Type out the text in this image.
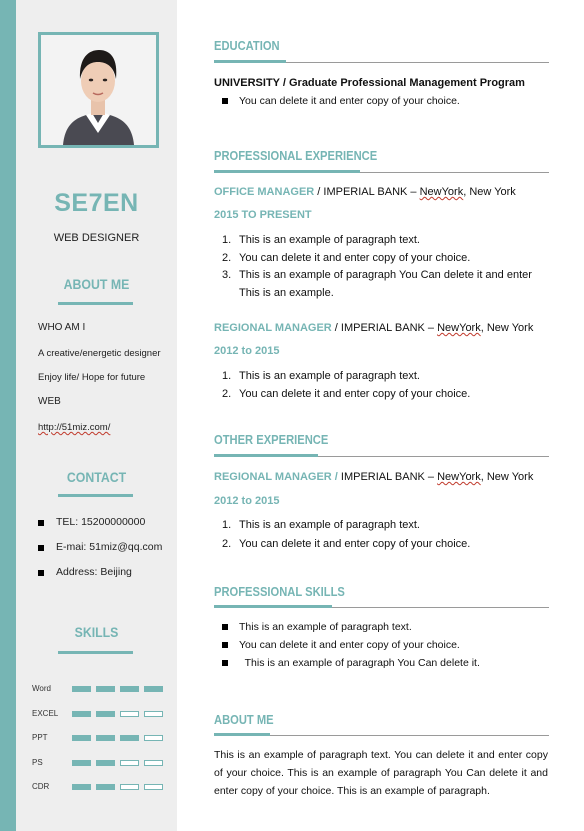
SE7EN
WEB DESIGNER
ABOUT ME
WHO AM I
A creative/energetic designer
Enjoy life/ Hope for future
WEB
http://51miz.com/
CONTACT
TEL: 15200000000
E-mai: 51miz@qq.com
Address: Beijing
SKILLS
Word
EXCEL
PPT
PS
CDR
EDUCATION
UNIVERSITY / Graduate Professional Management Program
You can delete it and enter copy of your choice.
PROFESSIONAL EXPERIENCE
OFFICE MANAGER / IMPERIAL BANK – NewYork, New York
2015 TO PRESENT
1. This is an example of paragraph text.
2. You can delete it and enter copy of your choice.
3. This is an example of paragraph You Can delete it and enter
This is an example.
REGIONAL MANAGER / IMPERIAL BANK – NewYork, New York
2012 to 2015
1. This is an example of paragraph text.
2. You can delete it and enter copy of your choice.
OTHER EXPERIENCE
REGIONAL MANAGER / IMPERIAL BANK – NewYork, New York
2012 to 2015
1. This is an example of paragraph text.
2. You can delete it and enter copy of your choice.
PROFESSIONAL SKILLS
This is an example of paragraph text.
You can delete it and enter copy of your choice.
This is an example of paragraph You Can delete it.
ABOUT ME
This is an example of paragraph text. You can delete it and enter copy of your choice. This is an example of paragraph You Can delete it and enter copy of your choice. This is an example of paragraph.
